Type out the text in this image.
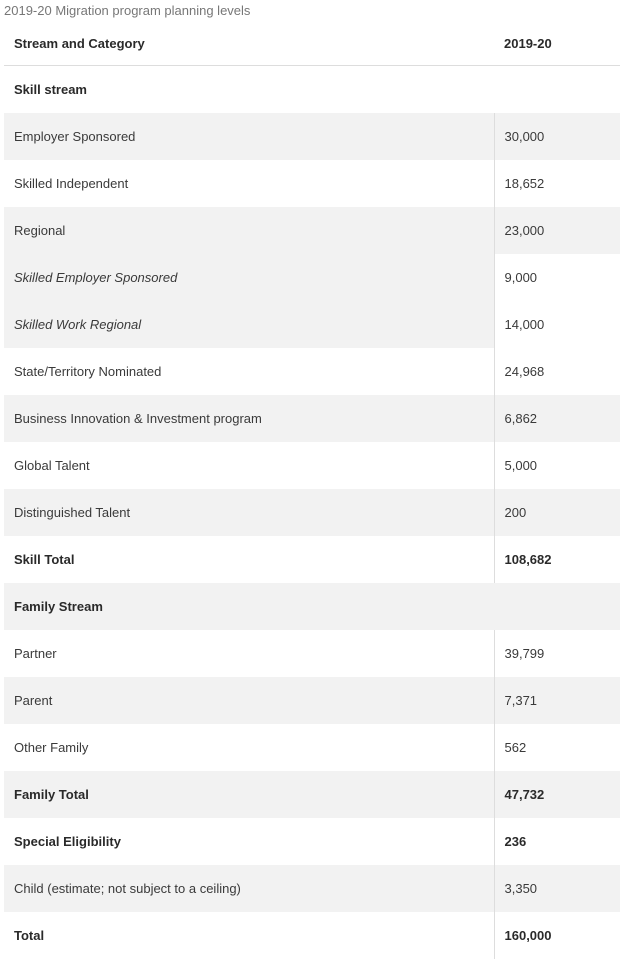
2019-20 Migration program planning levels
Stream and Category	2019-20
Skill stream	
Employer Sponsored	30,000
Skilled Independent	18,652
Regional	23,000
Skilled Employer Sponsored	9,000
Skilled Work Regional	14,000
State/Territory Nominated	24,968
Business Innovation & Investment program	6,862
Global Talent	5,000
Distinguished Talent	200
Skill Total	108,682
Family Stream	
Partner	39,799
Parent	7,371
Other Family	562
Family Total	47,732
Special Eligibility	236
Child (estimate; not subject to a ceiling)	3,350
Total	160,000
